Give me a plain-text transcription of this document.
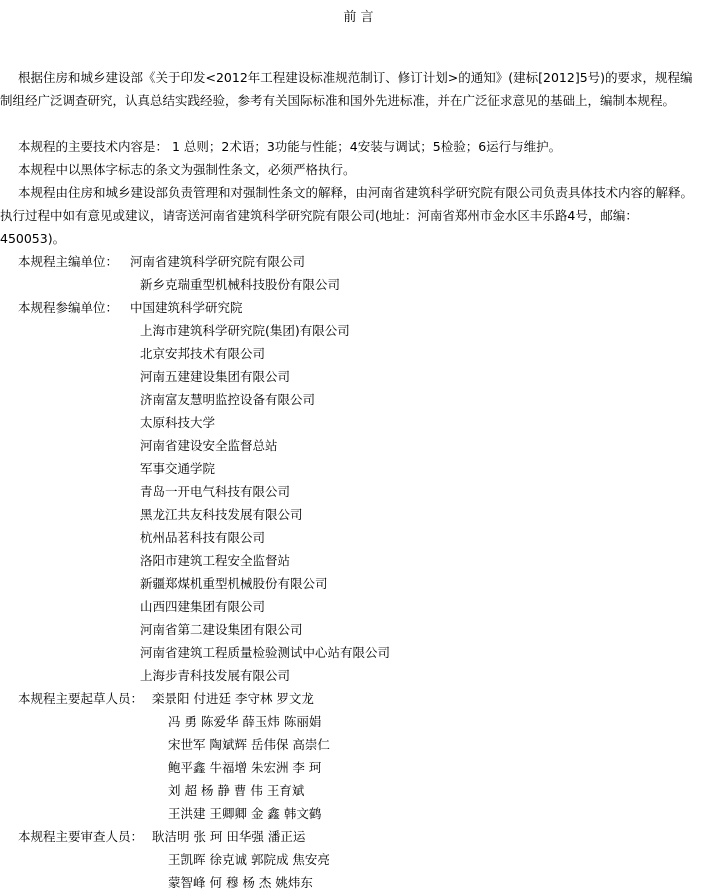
前 言

根据住房和城乡建设部《关于印发<2012年工程建设标准规范制订、修订计划>的通知》(建标[2012]5号)的要求，规程编制组经广泛调查研究，认真总结实践经验，参考有关国际标准和国外先进标准，并在广泛征求意见的基础上，编制本规程。

本规程的主要技术内容是： 1 总则；2术语；3功能与性能；4安装与调试；5检验；6运行与维护。

本规程中以黑体字标志的条文为强制性条文，必须严格执行。

本规程由住房和城乡建设部负责管理和对强制性条文的解释，由河南省建筑科学研究院有限公司负责具体技术内容的解释。执行过程中如有意见或建议，请寄送河南省建筑科学研究院有限公司(地址：河南省郑州市金水区丰乐路4号，邮编：450053)。

本规程主编单位： 河南省建筑科学研究院有限公司
新乡克瑞重型机械科技股份有限公司
本规程参编单位： 中国建筑科学研究院
上海市建筑科学研究院(集团)有限公司
北京安邦技术有限公司
河南五建建设集团有限公司
济南富友慧明监控设备有限公司
太原科技大学
河南省建设安全监督总站
军事交通学院
青岛一开电气科技有限公司
黑龙江共友科技发展有限公司
杭州品茗科技有限公司
洛阳市建筑工程安全监督站
新疆郑煤机重型机械股份有限公司
山西四建集团有限公司
河南省第二建设集团有限公司
河南省建筑工程质量检验测试中心站有限公司
上海步青科技发展有限公司
本规程主要起草人员： 栾景阳 付进廷 李守林 罗文龙
冯 勇 陈爱华 薛玉炜 陈丽娟
宋世军 陶斌辉 岳伟保 高崇仁
鲍平鑫 牛福增 朱宏洲 李 珂
刘 超 杨 静 曹 伟 王育斌
王洪建 王卿卿 金 鑫 韩文鹤
本规程主要审查人员： 耿洁明 张 珂 田华强 潘正运
王凯晖 徐克诚 郭院成 焦安亮
蒙智峰 何 穆 杨 杰 姚炜东
